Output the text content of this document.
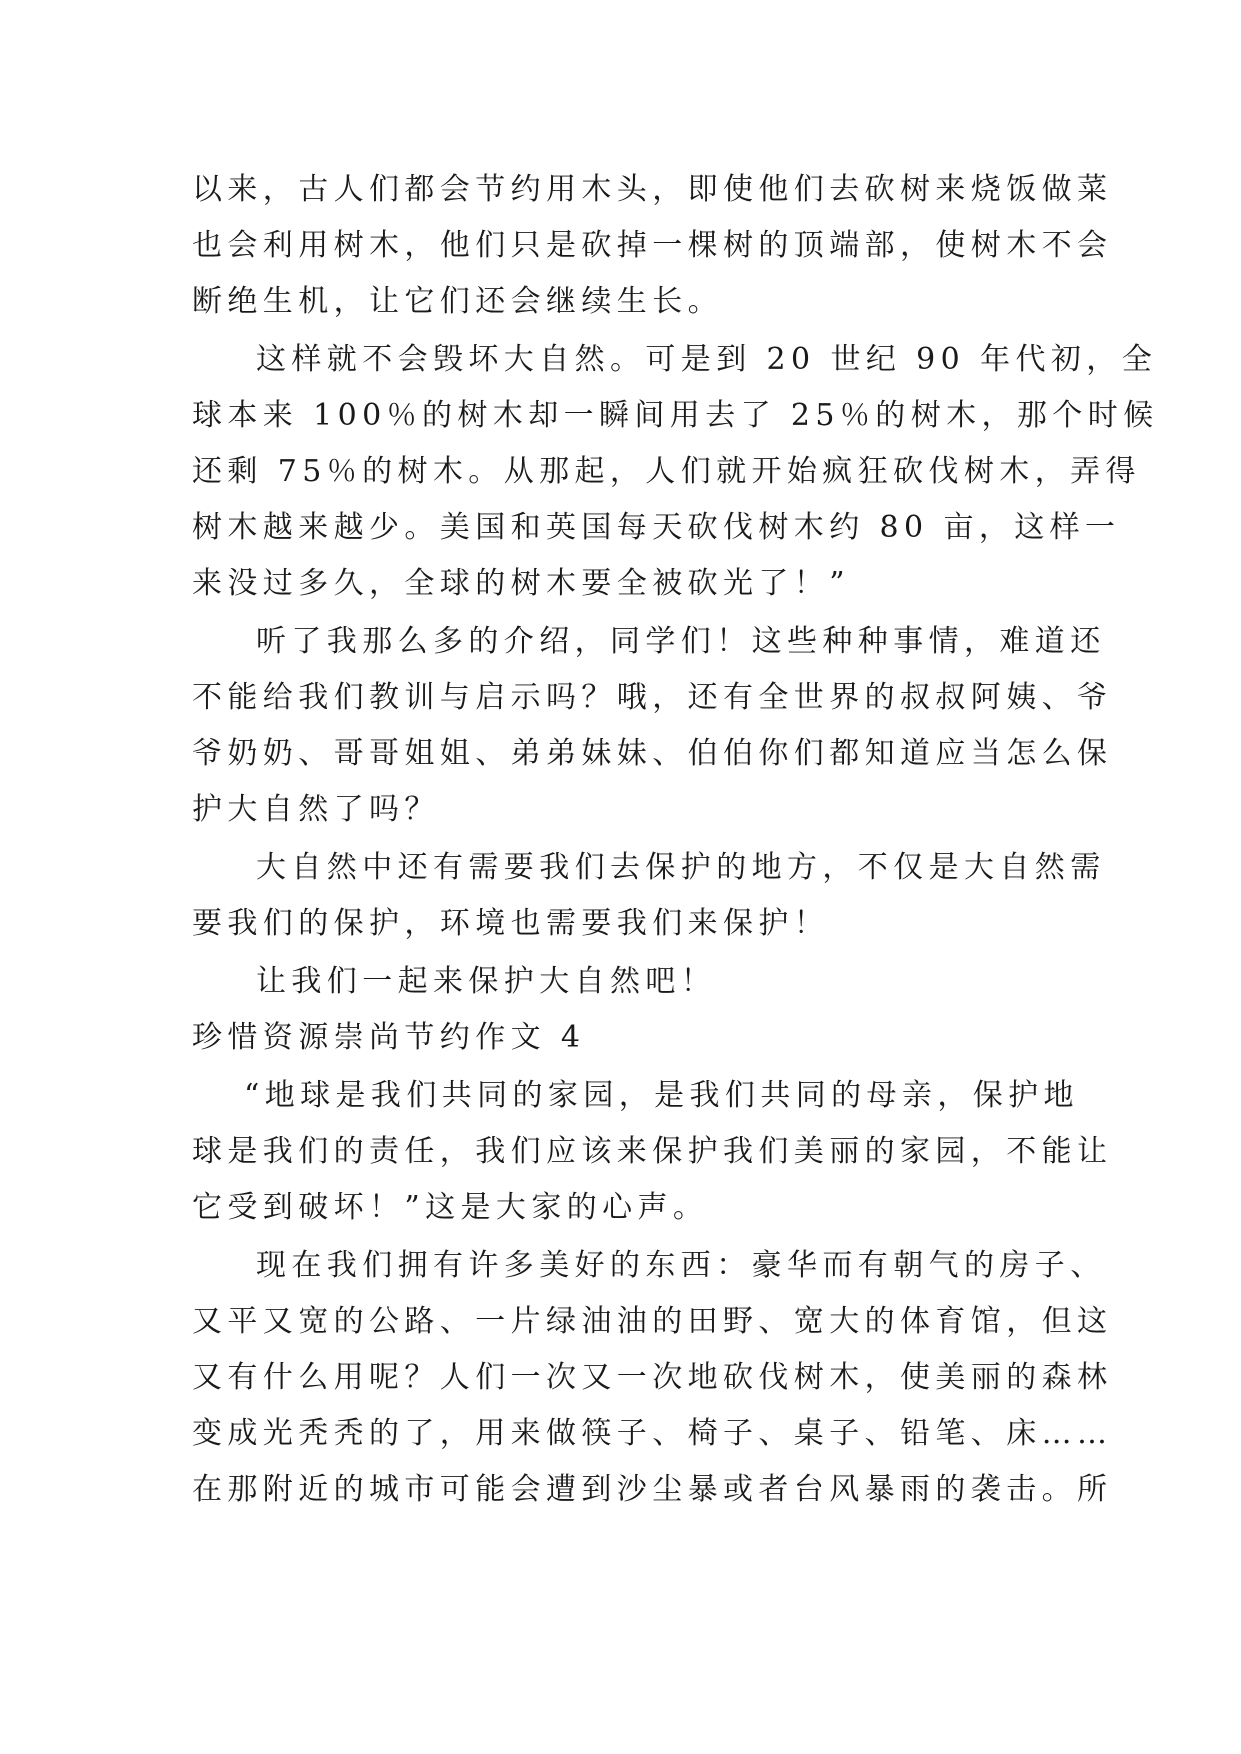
以来，古人们都会节约用木头，即使他们去砍树来烧饭做菜
也会利用树木，他们只是砍掉一棵树的顶端部，使树木不会
断绝生机，让它们还会继续生长。
这样就不会毁坏大自然。可是到 20 世纪 90 年代初，全
球本来 100％的树木却一瞬间用去了 25％的树木，那个时候
还剩 75％的树木。从那起，人们就开始疯狂砍伐树木，弄得
树木越来越少。美国和英国每天砍伐树木约 80 亩，这样一
来没过多久，全球的树木要全被砍光了！”
听了我那么多的介绍，同学们！这些种种事情，难道还
不能给我们教训与启示吗？哦，还有全世界的叔叔阿姨、爷
爷奶奶、哥哥姐姐、弟弟妹妹、伯伯你们都知道应当怎么保
护大自然了吗？
大自然中还有需要我们去保护的地方，不仅是大自然需
要我们的保护，环境也需要我们来保护！
让我们一起来保护大自然吧！
珍惜资源崇尚节约作文 4
“地球是我们共同的家园，是我们共同的母亲，保护地
球是我们的责任，我们应该来保护我们美丽的家园，不能让
它受到破坏！”这是大家的心声。
现在我们拥有许多美好的东西：豪华而有朝气的房子、
又平又宽的公路、一片绿油油的田野、宽大的体育馆，但这
又有什么用呢？人们一次又一次地砍伐树木，使美丽的森林
变成光秃秃的了，用来做筷子、椅子、桌子、铅笔、床……
在那附近的城市可能会遭到沙尘暴或者台风暴雨的袭击。所
